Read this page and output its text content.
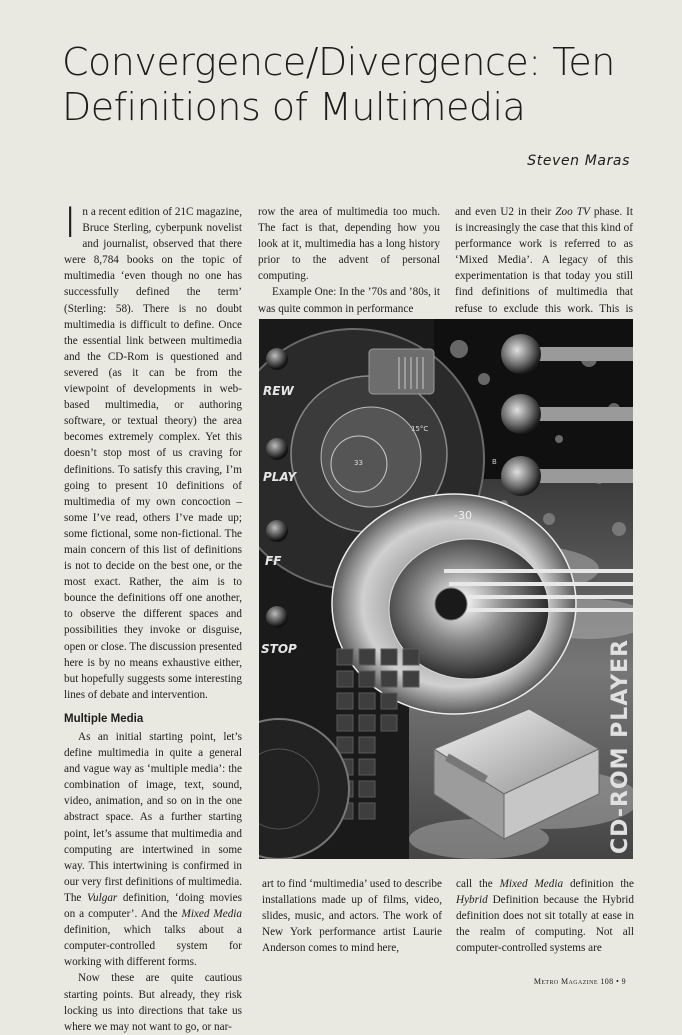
Convergence/Divergence: Ten
Definitions of Multimedia
Steven Maras

In a recent edition of 21C magazine, Bruce Sterling, cyberpunk novelist and journalist, observed that there were 8,784 books on the topic of multimedia ‘even though no one has successfully defined the term’ (Sterling: 58). There is no doubt multimedia is difficult to define. Once the essential link between multimedia and the CD-Rom is questioned and severed (as it can be from the viewpoint of developments in web-based multimedia, or authoring software, or textual theory) the area becomes extremely complex. Yet this doesn’t stop most of us craving for definitions. To satisfy this craving, I’m going to present 10 definitions of multimedia of my own concoction – some I’ve read, others I’ve made up; some fictional, some non-fictional. The main concern of this list of definitions is not to decide on the best one, or the most exact. Rather, the aim is to bounce the definitions off one another, to observe the different spaces and possibilities they invoke or disguise, open or close. The discussion presented here is by no means exhaustive either, but hopefully suggests some interesting lines of debate and intervention.

Multiple Media

As an initial starting point, let’s define multimedia in quite a general and vague way as ‘multiple media’: the combination of image, text, sound, video, animation, and so on in the one abstract space. As a further starting point, let’s assume that multimedia and computing are intertwined in some way. This intertwining is confirmed in our very first definitions of multimedia. The Vulgar definition, ‘doing movies on a computer’. And the Mixed Media definition, which talks about a computer-controlled system for working with different forms.

Now these are quite cautious starting points. But already, they risk locking us into directions that take us where we may not want to go, or nar-

row the area of multimedia too much. The fact is that, depending how you look at it, multimedia has a long history prior to the advent of personal computing.

Example One: In the ’70s and ’80s, it was quite common in performance

and even U2 in their Zoo TV phase. It is increasingly the case that this kind of performance work is referred to as ‘Mixed Media’. A legacy of this experimentation is that today you still find definitions of multimedia that refuse to exclude this work. This is

15°C
33
REW
PLAY
FF
STOP
B
-30
CD-ROM PLAYER

art to find ‘multimedia’ used to describe installations made up of films, video, slides, music, and actors. The work of New York performance artist Laurie Anderson comes to mind here,

call the Mixed Media definition the Hybrid Definition because the Hybrid definition does not sit totally at ease in the realm of computing. Not all computer-controlled systems are

Metro Magazine 108 • 9
